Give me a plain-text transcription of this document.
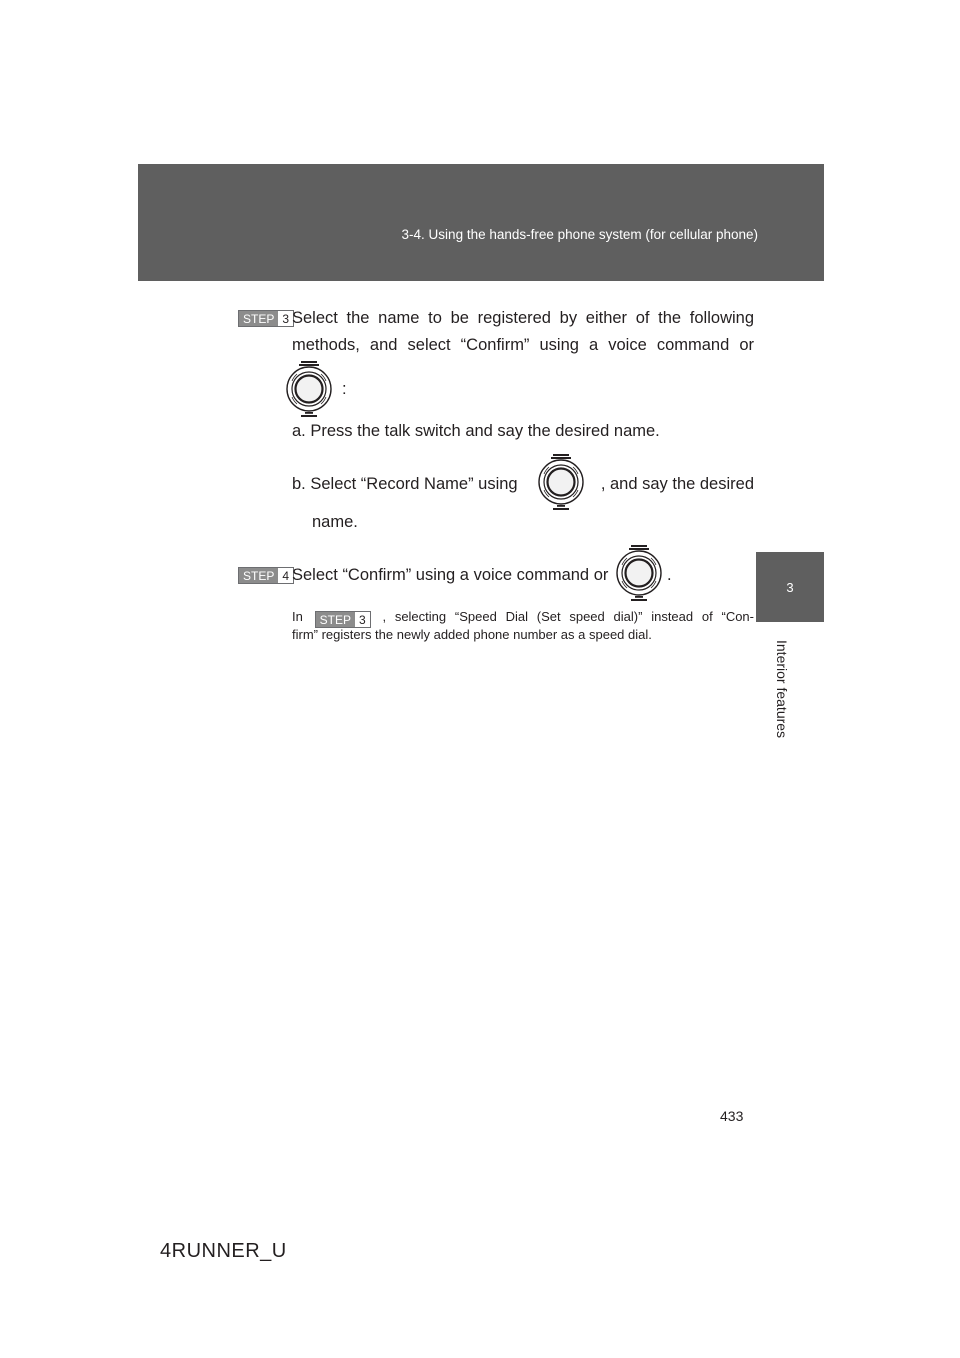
3-4. Using the hands-free phone system (for cellular phone)
3
Interior features
STEP 3 Select the name to be registered by either of the following
methods, and select “Confirm” using a voice command or
:
a. Press the talk switch and say the desired name.
b. Select “Record Name” using	, and say the desired
name.
STEP 4 Select “Confirm” using a voice command or	.
In	STEP 3	, selecting “Speed Dial (Set speed dial)” instead of “Con-
firm” registers the newly added phone number as a speed dial.
433
4RUNNER_U
